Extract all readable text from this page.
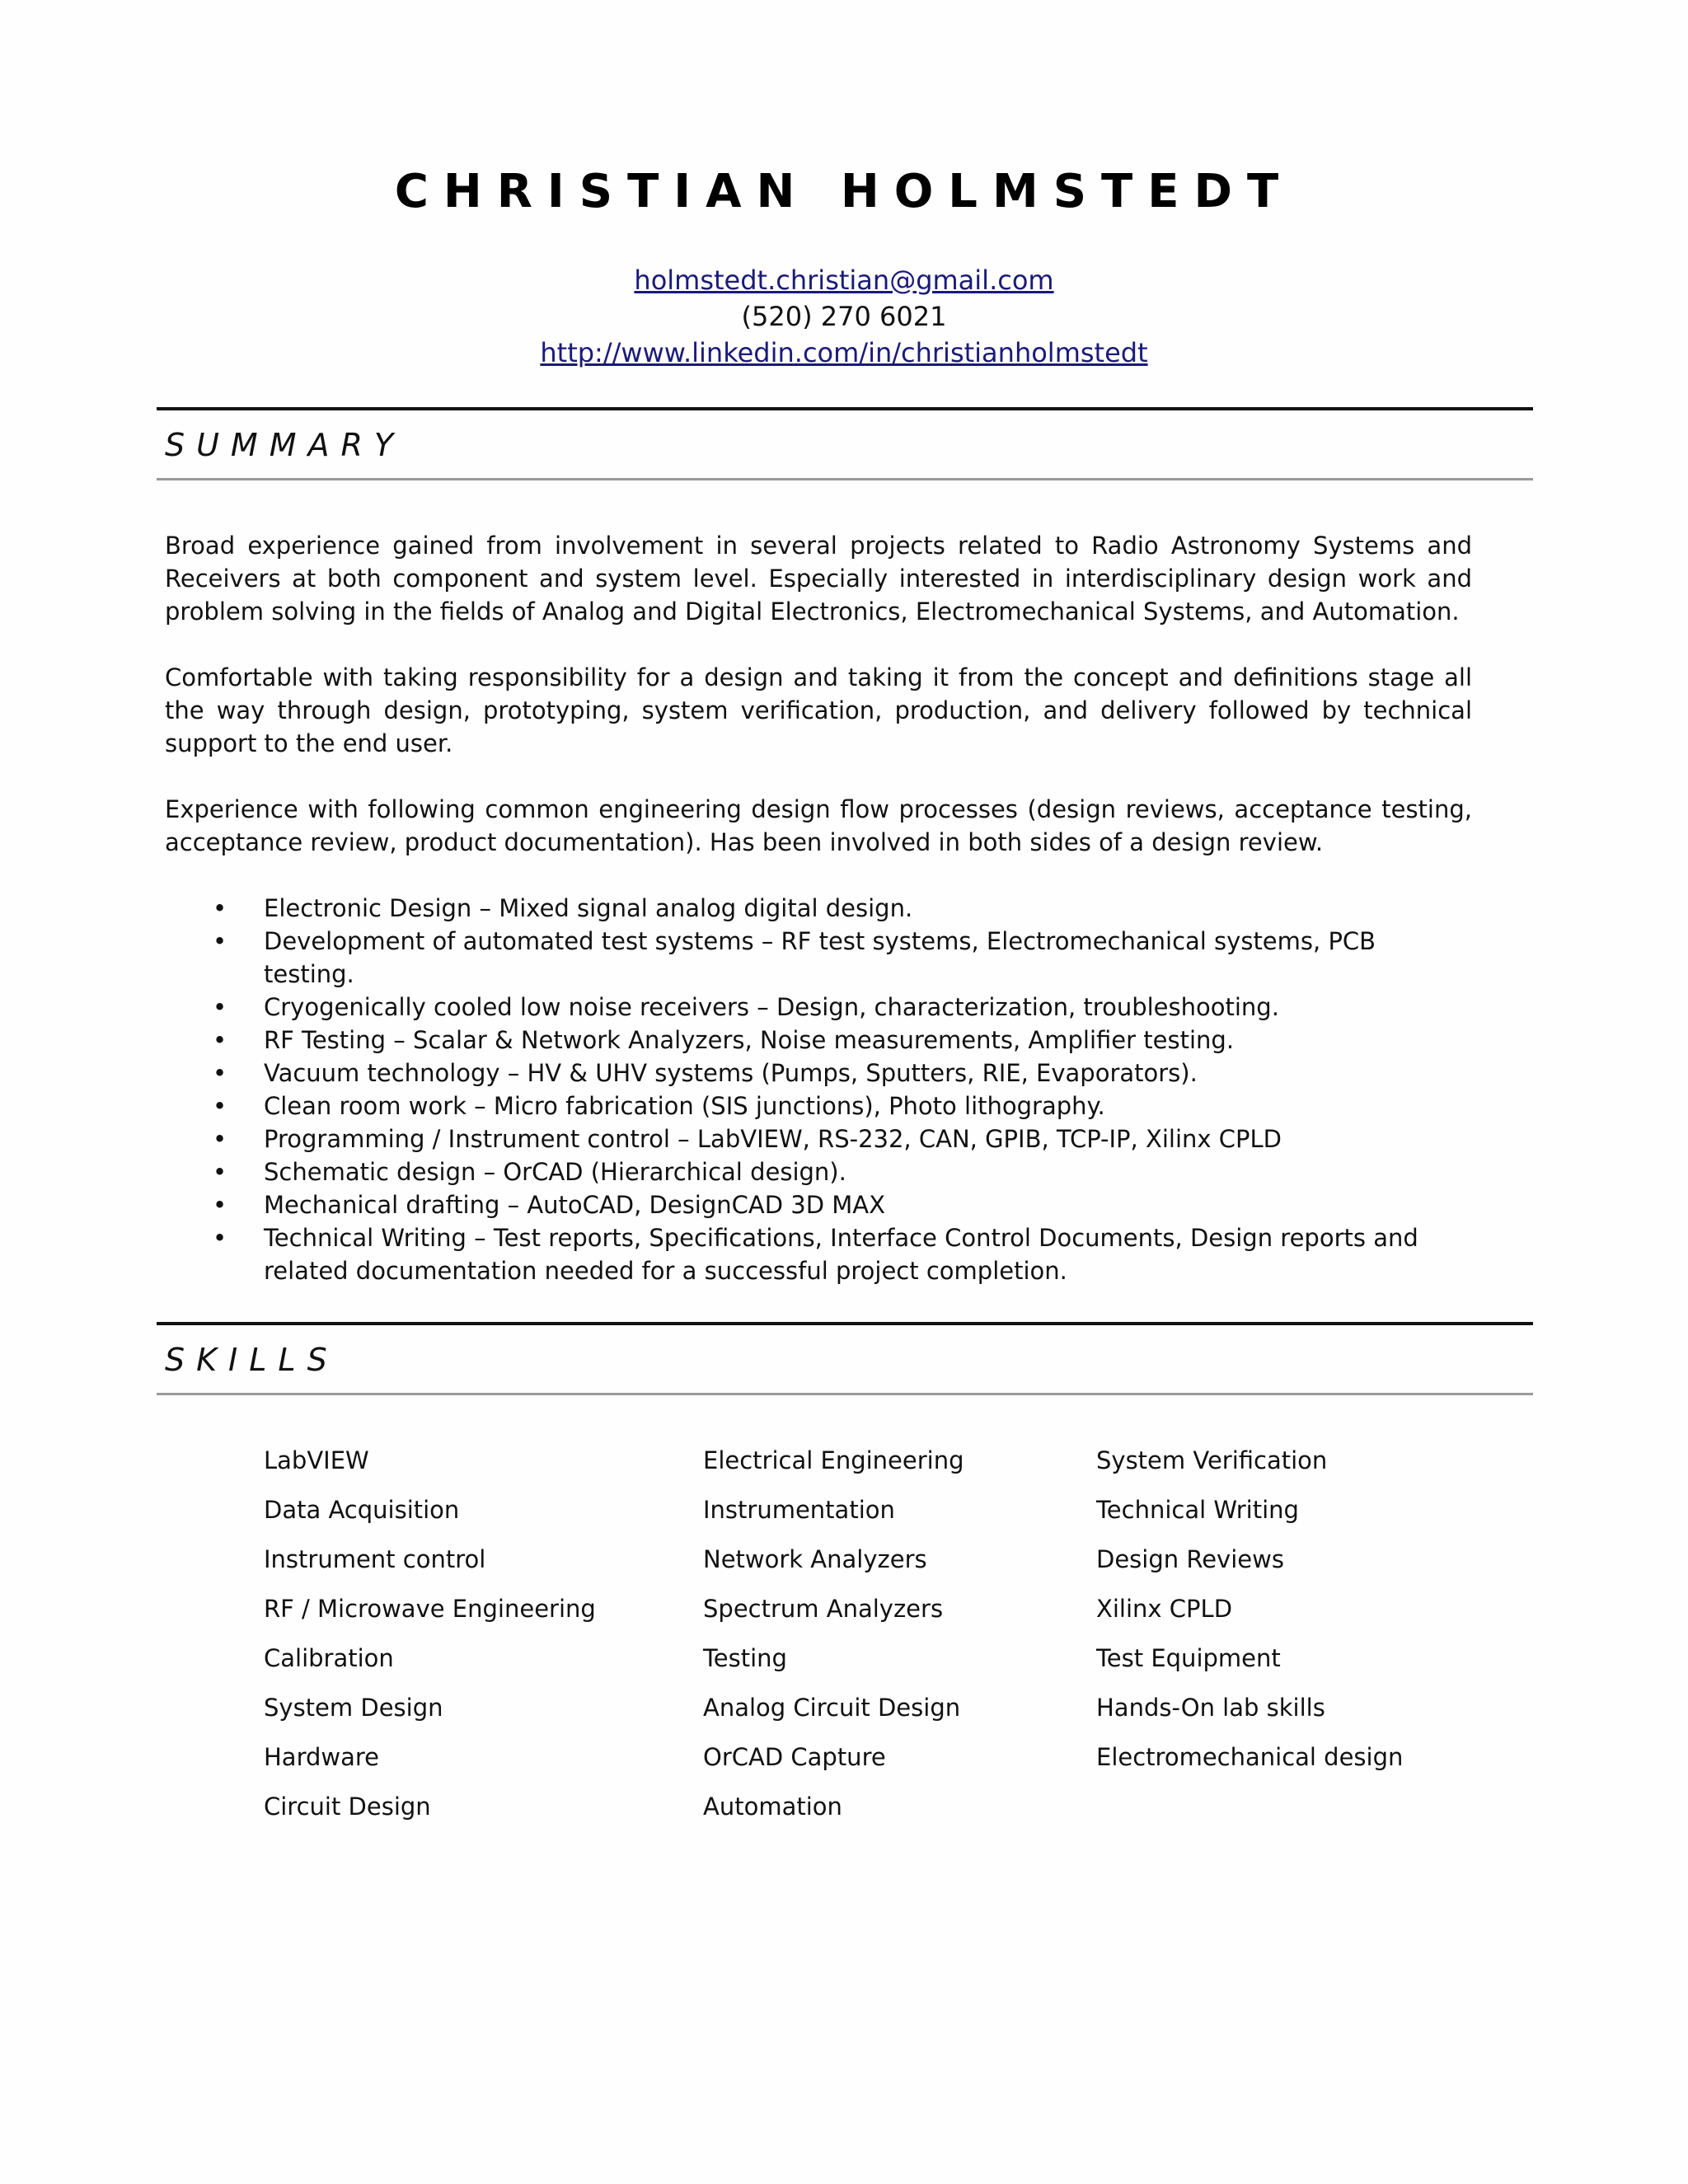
CHRISTIAN HOLMSTEDT
holmstedt.christian@gmail.com
(520) 270 6021
http://www.linkedin.com/in/christianholmstedt
SUMMARY

Broad experience gained from involvement in several projects related to Radio Astronomy Systems and Receivers at both component and system level. Especially interested in interdisciplinary design work and problem solving in the fields of Analog and Digital Electronics, Electromechanical Systems, and Automation.

Comfortable with taking responsibility for a design and taking it from the concept and definitions stage all the way through design, prototyping, system verification, production, and delivery followed by technical support to the end user.

Experience with following common engineering design flow processes (design reviews, acceptance testing, acceptance review, product documentation). Has been involved in both sides of a design review.

• Electronic Design – Mixed signal analog digital design.
• Development of automated test systems – RF test systems, Electromechanical systems, PCB testing.
• Cryogenically cooled low noise receivers – Design, characterization, troubleshooting.
• RF Testing – Scalar & Network Analyzers, Noise measurements, Amplifier testing.
• Vacuum technology – HV & UHV systems (Pumps, Sputters, RIE, Evaporators).
• Clean room work – Micro fabrication (SIS junctions), Photo lithography.
• Programming / Instrument control – LabVIEW, RS-232, CAN, GPIB, TCP-IP, Xilinx CPLD
• Schematic design – OrCAD (Hierarchical design).
• Mechanical drafting – AutoCAD, DesignCAD 3D MAX
• Technical Writing – Test reports, Specifications, Interface Control Documents, Design reports and related documentation needed for a successful project completion.
SKILLS
LabVIEW
Data Acquisition
Instrument control
RF / Microwave Engineering
Calibration
System Design
Hardware
Circuit Design
Electrical Engineering
Instrumentation
Network Analyzers
Spectrum Analyzers
Testing
Analog Circuit Design
OrCAD Capture
Automation
System Verification
Technical Writing
Design Reviews
Xilinx CPLD
Test Equipment
Hands-On lab skills
Electromechanical design
